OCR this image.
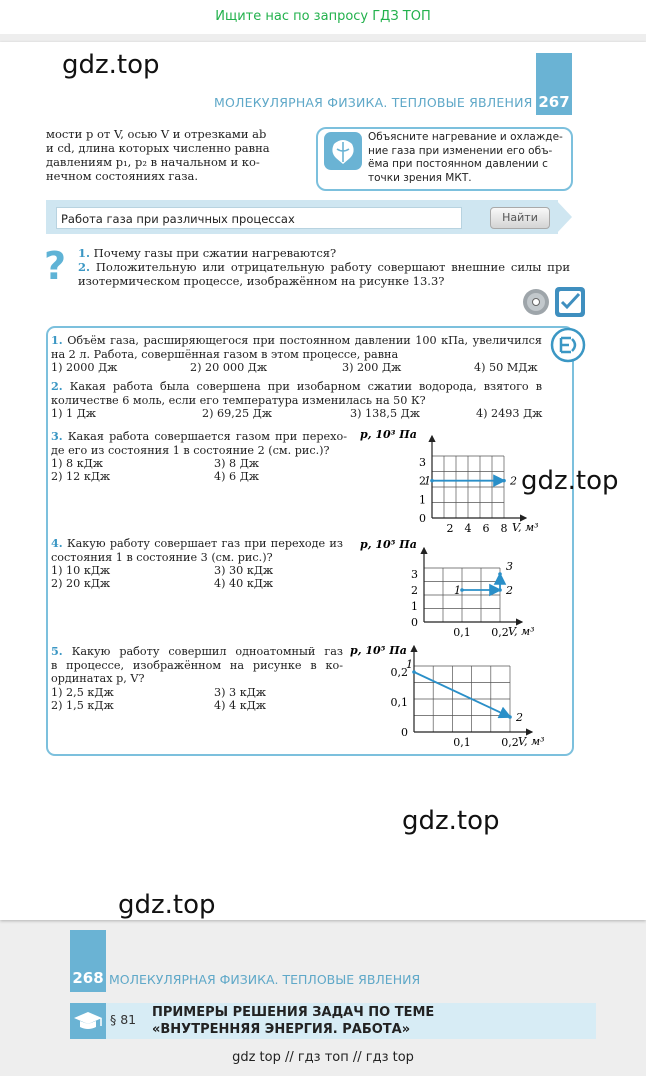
Ищите нас по запросу ГДЗ ТОП
267
МОЛЕКУЛЯРНАЯ ФИЗИКА. ТЕПЛОВЫЕ ЯВЛЕНИЯ
gdz.top
мости p от V, осью V и отрезками ab
и cd, длина которых численно равна
давлениям p₁, p₂ в начальном и ко-
нечном состояниях газа.
Объясните нагревание и охлажде-
ние газа при изменении его объ-
ёма при постоянном давлении с
точки зрения МКТ.
Работа газа при различных процессах	Найти
? 1. Почему газы при сжатии нагреваются?
2. Положительную или отрицательную работу совершают внешние силы при
изотермическом процессе, изображённом на рисунке 13.3?
1. Объём газа, расширяющегося при постоянном давлении 100 кПа, увеличился
на 2 л. Работа, совершённая газом в этом процессе, равна
1) 2000 Дж	2) 20 000 Дж	3) 200 Дж	4) 50 МДж
2. Какая работа была совершена при изобарном сжатии водорода, взятого в
количестве 6 моль, если его температура изменилась на 50 К?
1) 1 Дж	2) 69,25 Дж	3) 138,5 Дж	4) 2493 Дж
3. Какая работа совершается газом при перехо-
де его из состояния 1 в состояние 2 (см. рис.)?
1) 8 кДж	3) 8 Дж
2) 12 кДж	4) 6 Дж
4. Какую работу совершает газ при переходе из
состояния 1 в состояние 3 (см. рис.)?
1) 10 кДж	3) 30 кДж
2) 20 кДж	4) 40 кДж
5. Какую работу совершил одноатомный газ
в процессе, изображённом на рисунке в ко-
ординатах p, V?
1) 2,5 кДж	3) 3 кДж
2) 1,5 кДж	4) 4 кДж
p, 10³ Па
V, м³
0
1
2
3
2 4 6 8
1	2
p, 10⁵ Па
V, м³
0
1
2
3
0,1 0,2
1	2
3
p, 10⁵ Па
V, м³
0
0,1
0,2
0,1	0,2
1
2
gdz.top
gdz.top
gdz.top
268 МОЛЕКУЛЯРНАЯ ФИЗИКА. ТЕПЛОВЫЕ ЯВЛЕНИЯ
§ 81 ПРИМЕРЫ РЕШЕНИЯ ЗАДАЧ ПО ТЕМЕ
«ВНУТРЕННЯЯ ЭНЕРГИЯ. РАБОТА»
gdz top // гдз топ // гдз top
